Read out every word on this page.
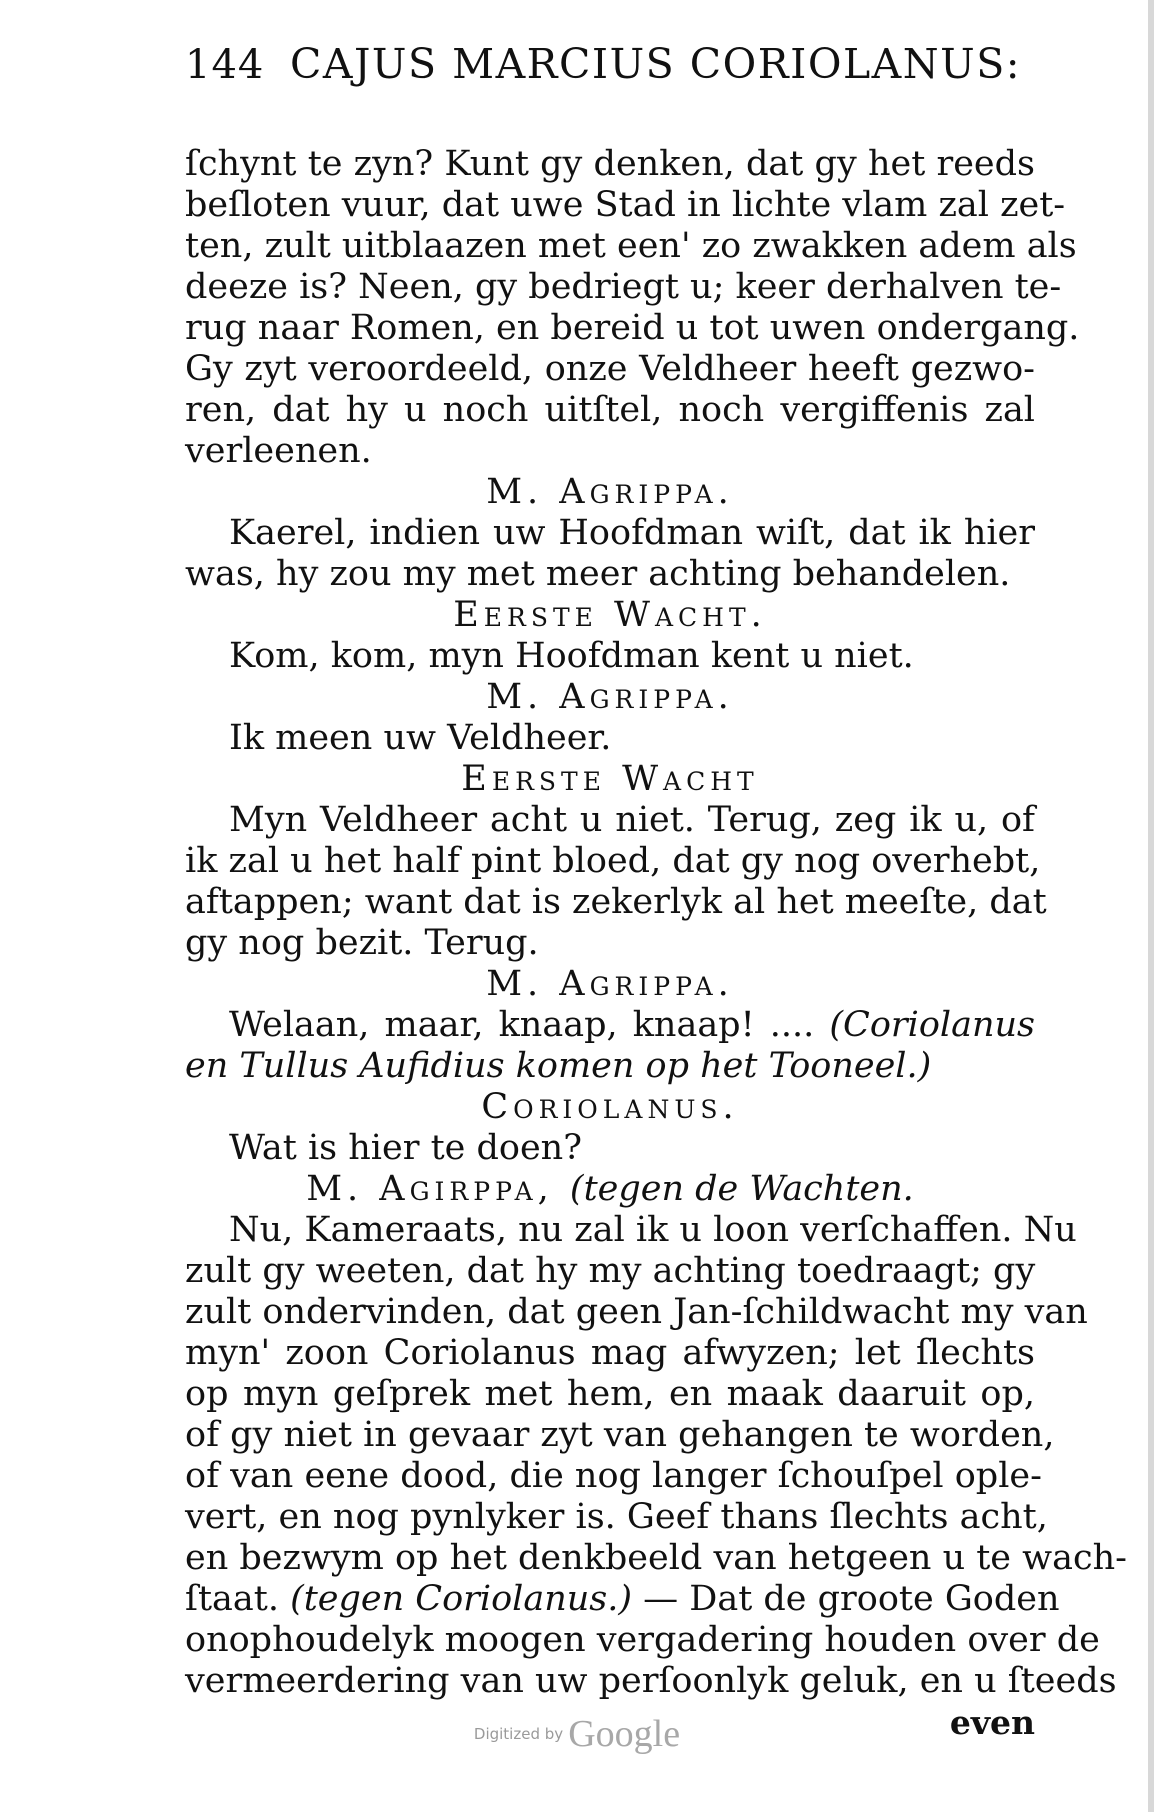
144 CAJUS MARCIUS CORIOLANUS:
ſchynt te zyn? Kunt gy denken, dat gy het reeds
beſloten vuur, dat uwe Stad in lichte vlam zal zet-
ten, zult uitblaazen met een' zo zwakken adem als
deeze is? Neen, gy bedriegt u; keer derhalven te-
rug naar Romen, en bereid u tot uwen ondergang.
Gy zyt veroordeeld, onze Veldheer heeft gezwo-
ren, dat hy u noch uitſtel, noch vergiffenis zal
verleenen.
M. Agrippa.
Kaerel, indien uw Hoofdman wiſt, dat ik hier
was, hy zou my met meer achting behandelen.
Eerste Wacht.
Kom, kom, myn Hoofdman kent u niet.
M. Agrippa.
Ik meen uw Veldheer.
Eerste Wacht
Myn Veldheer acht u niet. Terug, zeg ik u, of
ik zal u het half pint bloed, dat gy nog overhebt,
aftappen; want dat is zekerlyk al het meeſte, dat
gy nog bezit. Terug.
M. Agrippa.
Welaan, maar, knaap, knaap! .... (Coriolanus
en Tullus Aufidius komen op het Tooneel.)
Coriolanus.
Wat is hier te doen?
M. Agirppa, (tegen de Wachten.
Nu, Kameraats, nu zal ik u loon verſchaffen. Nu
zult gy weeten, dat hy my achting toedraagt; gy
zult ondervinden, dat geen Jan-ſchildwacht my van
myn' zoon Coriolanus mag afwyzen; let ſlechts
op myn geſprek met hem, en maak daaruit op,
of gy niet in gevaar zyt van gehangen te worden,
of van eene dood, die nog langer ſchouſpel ople-
vert, en nog pynlyker is. Geef thans ſlechts acht,
en bezwym op het denkbeeld van hetgeen u te wach-
ſtaat. (tegen Coriolanus.) — Dat de groote Goden
onophoudelyk moogen vergadering houden over de
vermeerdering van uw perſoonlyk geluk, en u ſteeds
even
Digitized by Google
